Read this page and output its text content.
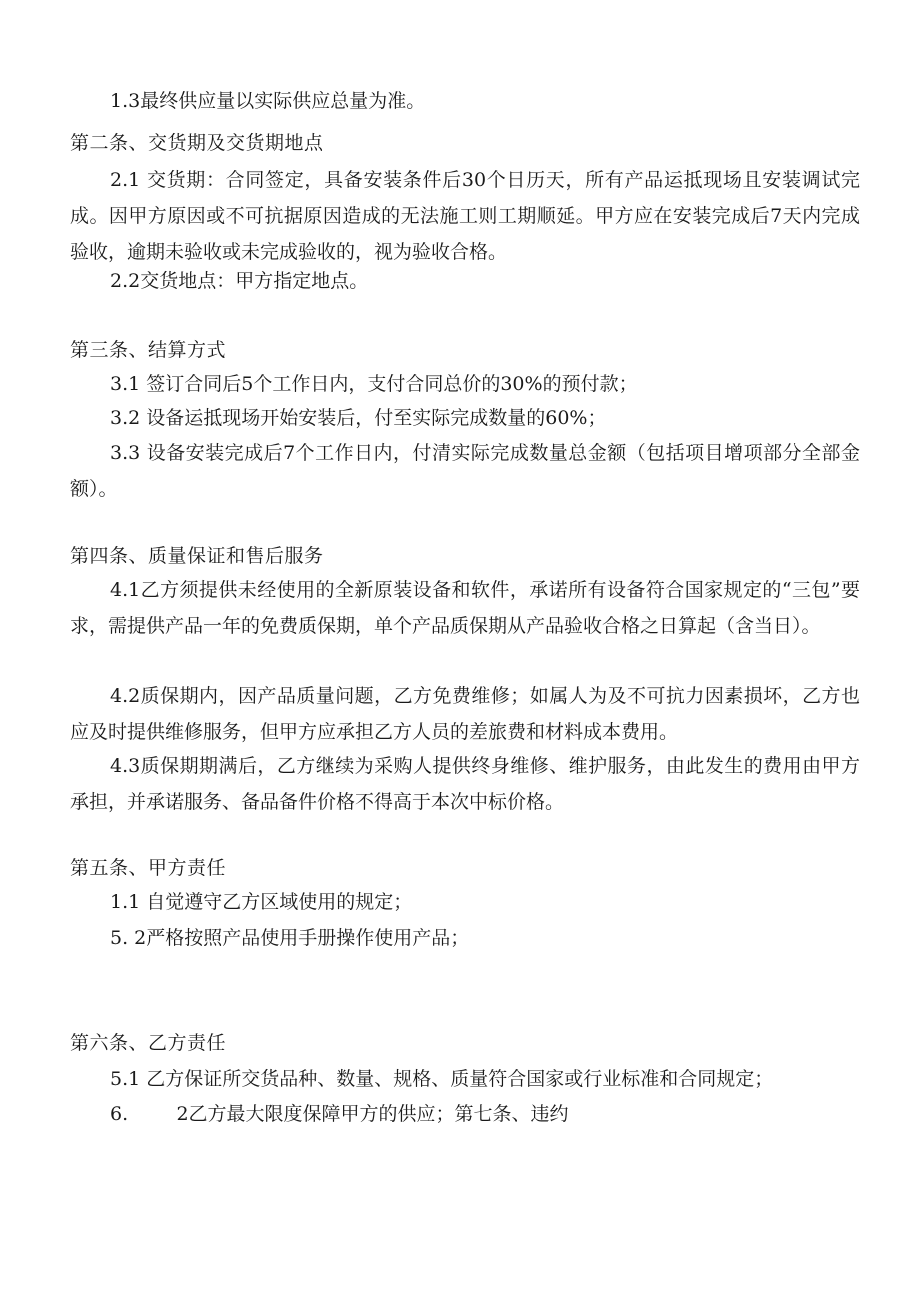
1.3最终供应量以实际供应总量为准。
第二条、交货期及交货期地点
2.1 交货期：合同签定，具备安装条件后30个日历天，所有产品运抵现场且安装调试完成。因甲方原因或不可抗据原因造成的无法施工则工期顺延。甲方应在安装完成后7天内完成验收，逾期未验收或未完成验收的，视为验收合格。
2.2交货地点：甲方指定地点。
第三条、结算方式
3.1 签订合同后5个工作日内，支付合同总价的30%的预付款；
3.2 设备运抵现场开始安装后，付至实际完成数量的60%；
3.3 设备安装完成后7个工作日内，付清实际完成数量总金额（包括项目增项部分全部金额）。
第四条、质量保证和售后服务
4.1乙方须提供未经使用的全新原装设备和软件，承诺所有设备符合国家规定的“三包”要求，需提供产品一年的免费质保期，单个产品质保期从产品验收合格之日算起（含当日）。
4.2质保期内，因产品质量问题，乙方免费维修；如属人为及不可抗力因素损坏，乙方也应及时提供维修服务，但甲方应承担乙方人员的差旅费和材料成本费用。
4.3质保期期满后，乙方继续为采购人提供终身维修、维护服务，由此发生的费用由甲方承担，并承诺服务、备品备件价格不得高于本次中标价格。
第五条、甲方责任
1.1 自觉遵守乙方区域使用的规定；
5. 2严格按照产品使用手册操作使用产品；
第六条、乙方责任
5.1 乙方保证所交货品种、数量、规格、质量符合国家或行业标准和合同规定；
6.        2乙方最大限度保障甲方的供应；第七条、违约
